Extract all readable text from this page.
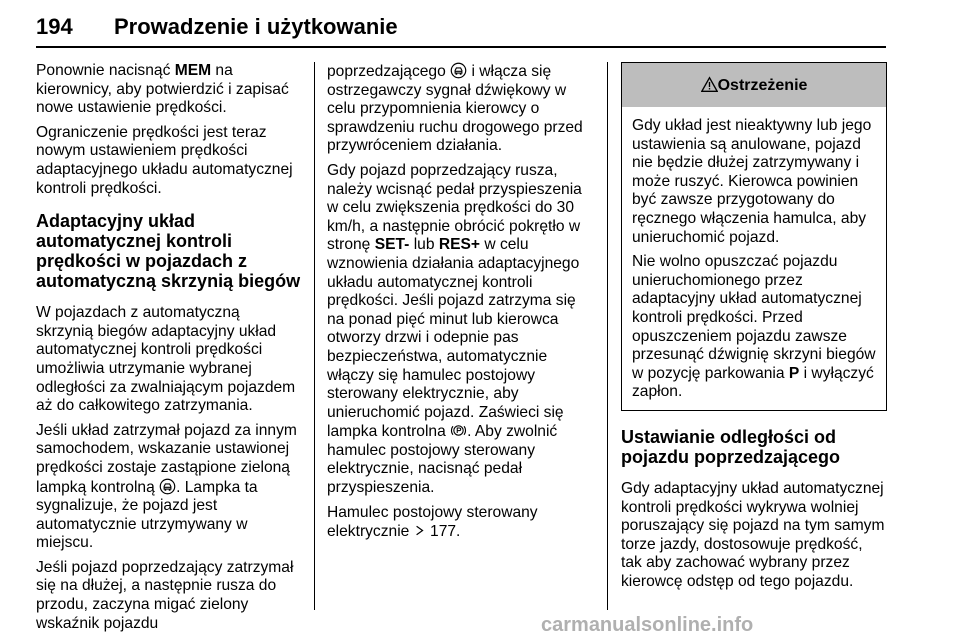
194 Prowadzenie i użytkowanie

Ponownie nacisnąć MEM na kierownicy, aby potwierdzić i zapisać nowe ustawienie prędkości.

Ograniczenie prędkości jest teraz nowym ustawieniem prędkości adaptacyjnego układu automatycznej kontroli prędkości.

Adaptacyjny układ automatycznej kontroli prędkości w pojazdach z automatyczną skrzynią biegów

W pojazdach z automatyczną skrzynią biegów adaptacyjny układ automatycznej kontroli prędkości umożliwia utrzymanie wybranej odległości za zwalniającym pojazdem aż do całkowitego zatrzymania.

Jeśli układ zatrzymał pojazd za innym samochodem, wskazanie ustawionej prędkości zostaje zastąpione zieloną lampką kontrolną
. Lampka ta sygnalizuje, że pojazd jest automatycznie utrzymywany w miejscu.

Jeśli pojazd poprzedzający zatrzymał się na dłużej, a następnie rusza do przodu, zaczyna migać zielony wskaźnik pojazdu

poprzedzającego
i włącza się ostrzegawczy sygnał dźwiękowy w celu przypomnienia kierowcy o sprawdzeniu ruchu drogowego przed przywróceniem działania.

Gdy pojazd poprzedzający rusza, należy wcisnąć pedał przyspieszenia w celu zwiększenia prędkości do 30 km/h, a następnie obrócić pokrętło w stronę SET- lub RES+ w celu wznowienia działania adaptacyjnego układu automatycznej kontroli prędkości. Jeśli pojazd zatrzyma się na ponad pięć minut lub kierowca otworzy drzwi i odepnie pas bezpieczeństwa, automatycznie włączy się hamulec postojowy sterowany elektrycznie, aby unieruchomić pojazd. Zaświeci się lampka kontrolna
. Aby zwolnić hamulec postojowy sterowany elektrycznie, nacisnąć pedał przyspieszenia.

Hamulec postojowy sterowany elektrycznie
177.

Ostrzeżenie

Gdy układ jest nieaktywny lub jego ustawienia są anulowane, pojazd nie będzie dłużej zatrzymywany i może ruszyć. Kierowca powinien być zawsze przygotowany do ręcznego włączenia hamulca, aby unieruchomić pojazd.

Nie wolno opuszczać pojazdu unieruchomionego przez adaptacyjny układ automatycznej kontroli prędkości. Przed opuszczeniem pojazdu zawsze przesunąć dźwignię skrzyni biegów w pozycję parkowania P i wyłączyć zapłon.

Ustawianie odległości od pojazdu poprzedzającego

Gdy adaptacyjny układ automatycznej kontroli prędkości wykrywa wolniej poruszający się pojazd na tym samym torze jazdy, dostosowuje prędkość, tak aby zachować wybrany przez kierowcę odstęp od tego pojazdu.

carmanualsonline.info
